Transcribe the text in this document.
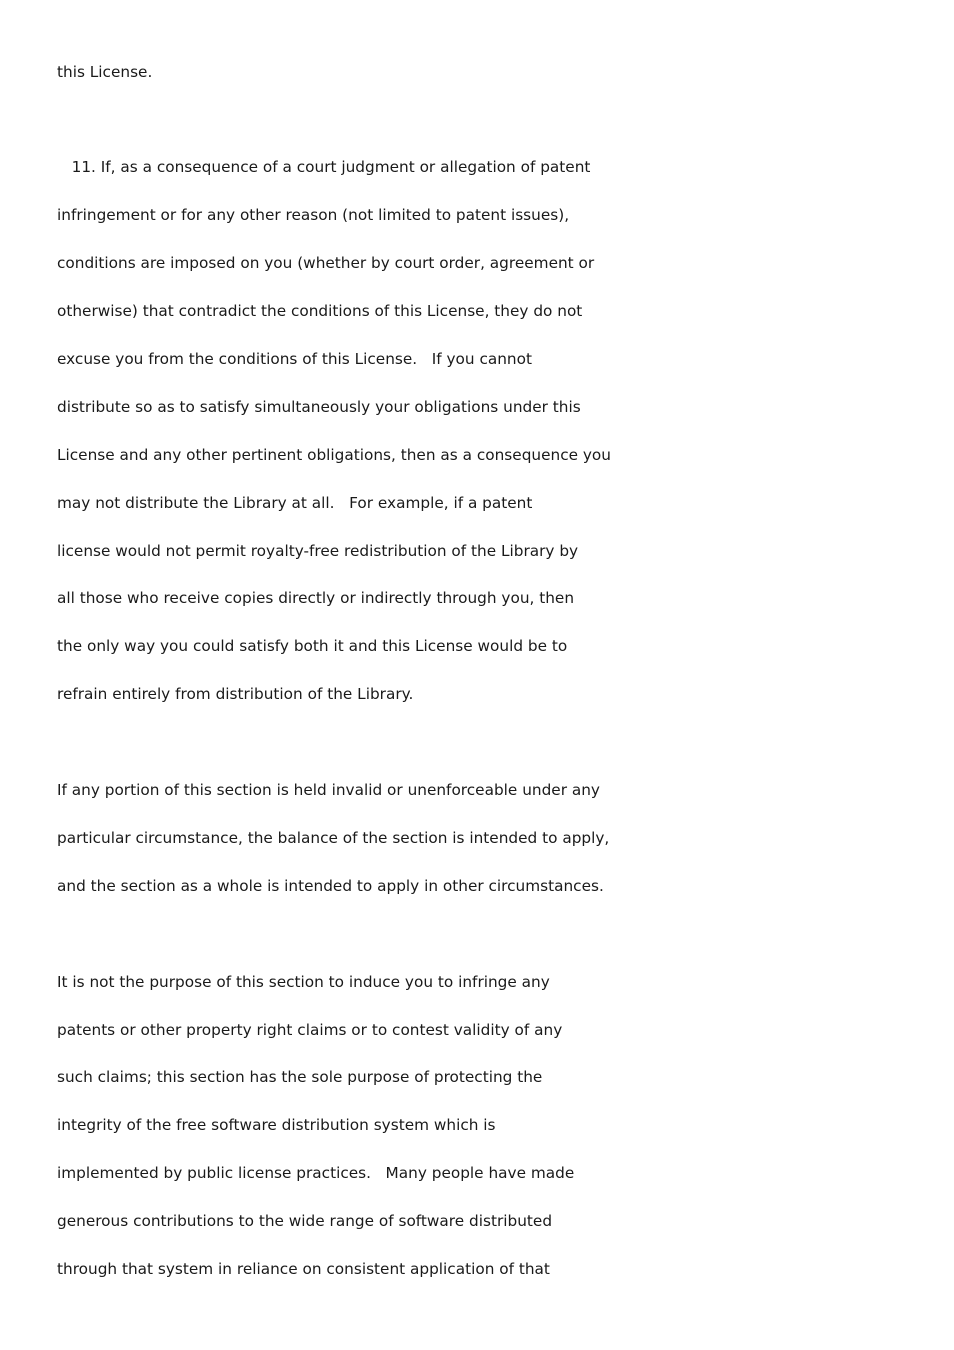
this License.

11. If, as a consequence of a court judgment or allegation of patent

infringement or for any other reason (not limited to patent issues),

conditions are imposed on you (whether by court order, agreement or

otherwise) that contradict the conditions of this License, they do not

excuse you from the conditions of this License.   If you cannot

distribute so as to satisfy simultaneously your obligations under this

License and any other pertinent obligations, then as a consequence you

may not distribute the Library at all.   For example, if a patent

license would not permit royalty-free redistribution of the Library by

all those who receive copies directly or indirectly through you, then

the only way you could satisfy both it and this License would be to

refrain entirely from distribution of the Library.

If any portion of this section is held invalid or unenforceable under any

particular circumstance, the balance of the section is intended to apply,

and the section as a whole is intended to apply in other circumstances.

It is not the purpose of this section to induce you to infringe any

patents or other property right claims or to contest validity of any

such claims; this section has the sole purpose of protecting the

integrity of the free software distribution system which is

implemented by public license practices.   Many people have made

generous contributions to the wide range of software distributed

through that system in reliance on consistent application of that
